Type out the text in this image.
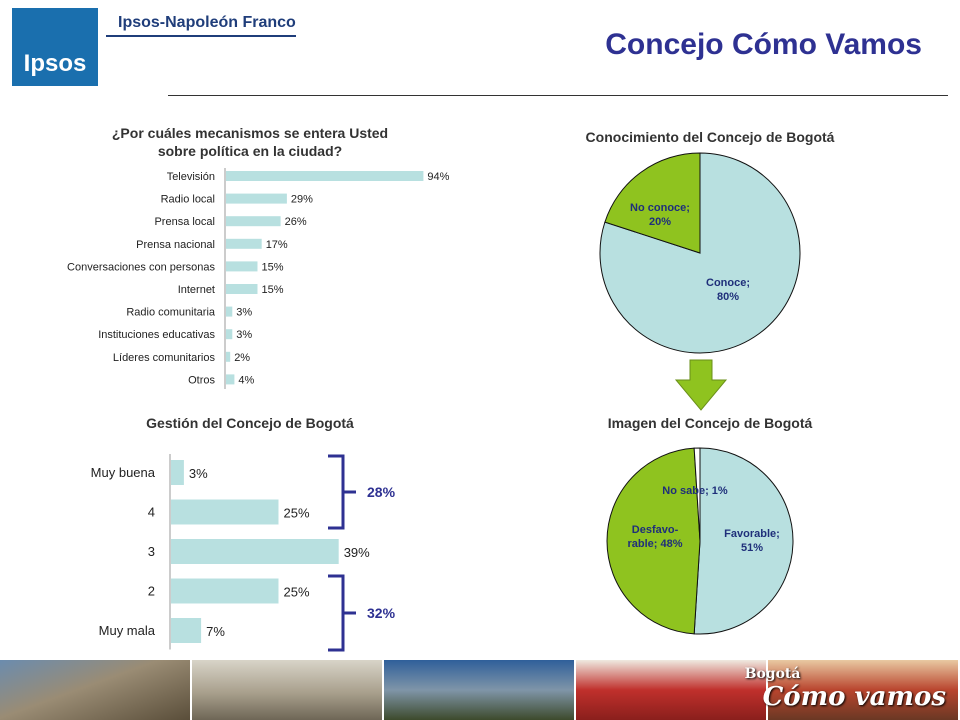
Ipsos
Ipsos-Napoleón Franco
Concejo Cómo Vamos
¿Por cuáles mecanismos se entera Usted
sobre política en la ciudad?
Conocimiento del Concejo de Bogotá
Gestión del Concejo de Bogotá	Imagen del Concejo de Bogotá
Televisión	94%
Radio local	29%
Prensa local	26%
Prensa nacional	17%
Conversaciones con personas	15%
Internet	15%
Radio comunitaria 3%
Instituciones educativas 3%
Líderes comunitarios 2%
Otros 4%
Conoce;
80%
No conoce;
20%
Favorable;
51%
Desfavo-
rable; 48%
No sabe; 1%
Muy buena	3%
4	25%
3	39%
2	25%
Muy mala	7%
28%
32%
Bogotá
Cómo vamos
